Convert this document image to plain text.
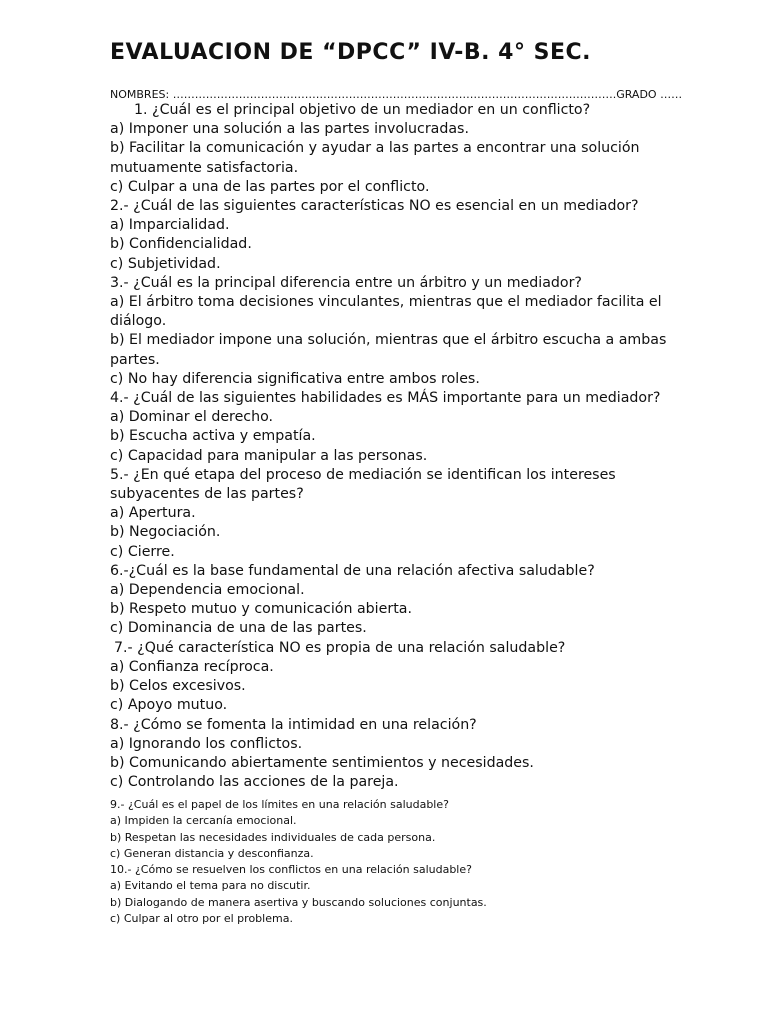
EVALUACION DE “DPCC” IV-B. 4° SEC.
NOMBRES: ………………………………………………………………………………………………………….GRADO ……
1. ¿Cuál es el principal objetivo de un mediador en un conflicto?
a) Imponer una solución a las partes involucradas.
b) Facilitar la comunicación y ayudar a las partes a encontrar una solución
mutuamente satisfactoria.
c) Culpar a una de las partes por el conflicto.
2.- ¿Cuál de las siguientes características NO es esencial en un mediador?
a) Imparcialidad.
b) Confidencialidad.
c) Subjetividad.
3.- ¿Cuál es la principal diferencia entre un árbitro y un mediador?
a) El árbitro toma decisiones vinculantes, mientras que el mediador facilita el
diálogo.
b) El mediador impone una solución, mientras que el árbitro escucha a ambas
partes.
c) No hay diferencia significativa entre ambos roles.
4.- ¿Cuál de las siguientes habilidades es MÁS importante para un mediador?
a) Dominar el derecho.
b) Escucha activa y empatía.
c) Capacidad para manipular a las personas.
5.- ¿En qué etapa del proceso de mediación se identifican los intereses
subyacentes de las partes?
a) Apertura.
b) Negociación.
c) Cierre.
6.-¿Cuál es la base fundamental de una relación afectiva saludable?
a) Dependencia emocional.
b) Respeto mutuo y comunicación abierta.
c) Dominancia de una de las partes.
7.- ¿Qué característica NO es propia de una relación saludable?
a) Confianza recíproca.
b) Celos excesivos.
c) Apoyo mutuo.
8.- ¿Cómo se fomenta la intimidad en una relación?
a) Ignorando los conflictos.
b) Comunicando abiertamente sentimientos y necesidades.
c) Controlando las acciones de la pareja.
9.- ¿Cuál es el papel de los límites en una relación saludable?
a) Impiden la cercanía emocional.
b) Respetan las necesidades individuales de cada persona.
c) Generan distancia y desconfianza.
10.- ¿Cómo se resuelven los conflictos en una relación saludable?
a) Evitando el tema para no discutir.
b) Dialogando de manera asertiva y buscando soluciones conjuntas.
c) Culpar al otro por el problema.
